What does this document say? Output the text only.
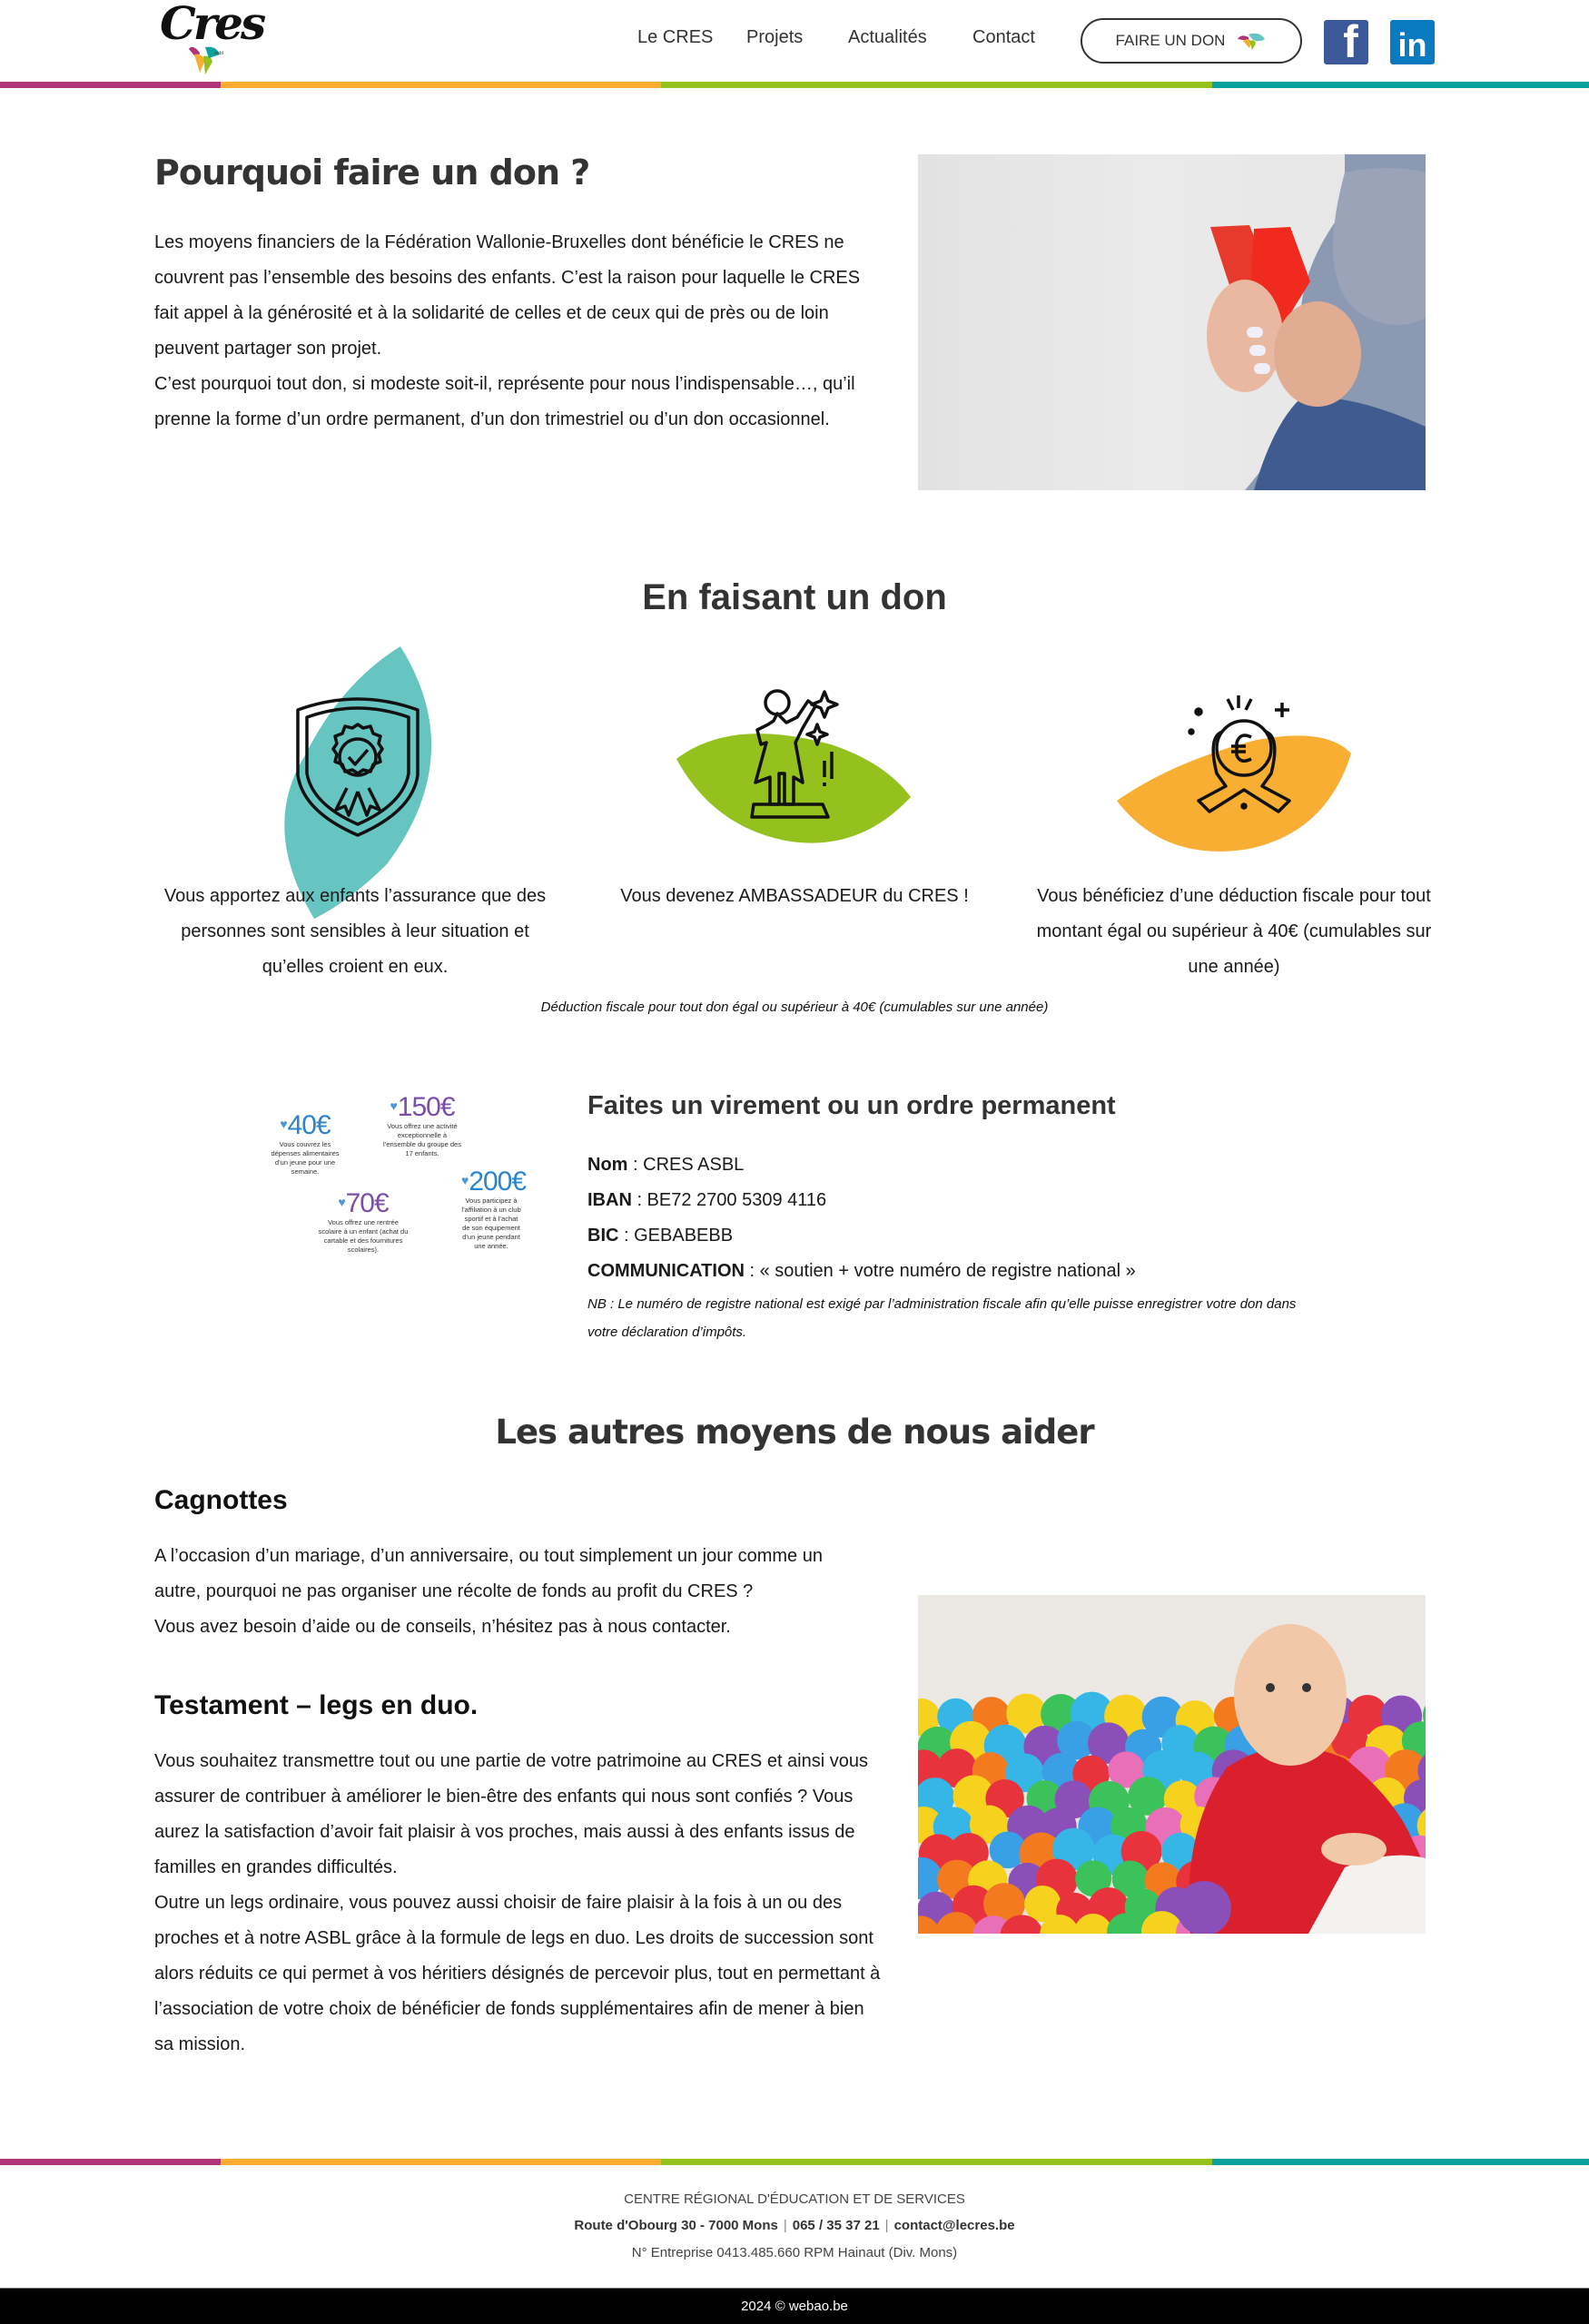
Cres
asbl
Le CRES Projets Actualités	Contact	FAIRE UN DON	f	in
Pourquoi faire un don ?

Les moyens financiers de la Fédération Wallonie-Bruxelles dont bénéficie le CRES ne couvrent pas l’ensemble des besoins des enfants. C’est la raison pour laquelle le CRES fait appel à la générosité et à la solidarité de celles et de ceux qui de près ou de loin peuvent partager son projet.

C’est pourquoi tout don, si modeste soit-il, représente pour nous l’indispensable…, qu’il prenne la forme d’un ordre permanent, d’un don trimestriel ou d’un don occasionnel.

En faisant un don

Vous apportez aux enfants l’assurance que des personnes sont sensibles à leur situation et qu’elles croient en eux.

Vous devenez AMBASSADEUR du CRES !	Vous bénéficiez d’une déduction fiscale pour tout montant égal ou supérieur à 40€ (cumulables sur une année)

Déduction fiscale pour tout don égal ou supérieur à 40€ (cumulables sur une année)

♥40€
Vous couvrez les dépenses alimentaires d’un jeune pour une semaine.
♥150€
Vous offrez une activité exceptionnelle à l’ensemble du groupe des 17 enfants.
♥70€
Vous offrez une rentrée scolaire à un enfant (achat du cartable et des fournitures scolaires).
♥200€
Vous participez à l’affiliation à un club sportif et à l’achat de son équipement d’un jeune pendant une année.
Faites un virement ou un ordre permanent

Nom : CRES ASBL

IBAN : BE72 2700 5309 4116

BIC : GEBABEBB

COMMUNICATION : « soutien + votre numéro de registre national »

NB : Le numéro de registre national est exigé par l’administration fiscale afin qu’elle puisse enregistrer votre don dans votre déclaration d’impôts.

Les autres moyens de nous aider
Cagnottes

A l’occasion d’un mariage, d’un anniversaire, ou tout simplement un jour comme un autre, pourquoi ne pas organiser une récolte de fonds au profit du CRES ?

Vous avez besoin d’aide ou de conseils, n’hésitez pas à nous contacter.

Testament – legs en duo.

Vous souhaitez transmettre tout ou une partie de votre patrimoine au CRES et ainsi vous assurer de contribuer à améliorer le bien-être des enfants qui nous sont confiés ? Vous aurez la satisfaction d’avoir fait plaisir à vos proches, mais aussi à des enfants issus de familles en grandes difficultés.

Outre un legs ordinaire, vous pouvez aussi choisir de faire plaisir à la fois à un ou des proches et à notre ASBL grâce à la formule de legs en duo. Les droits de succession sont alors réduits ce qui permet à vos héritiers désignés de percevoir plus, tout en permettant à l’association de votre choix de bénéficier de fonds supplémentaires afin de mener à bien sa mission.

CENTRE RÉGIONAL D'ÉDUCATION ET DE SERVICES

Route d'Obourg 30 - 7000 Mons | 065 / 35 37 21 | contact@lecres.be

N° Entreprise 0413.485.660 RPM Hainaut (Div. Mons)

2024 © webao.be
